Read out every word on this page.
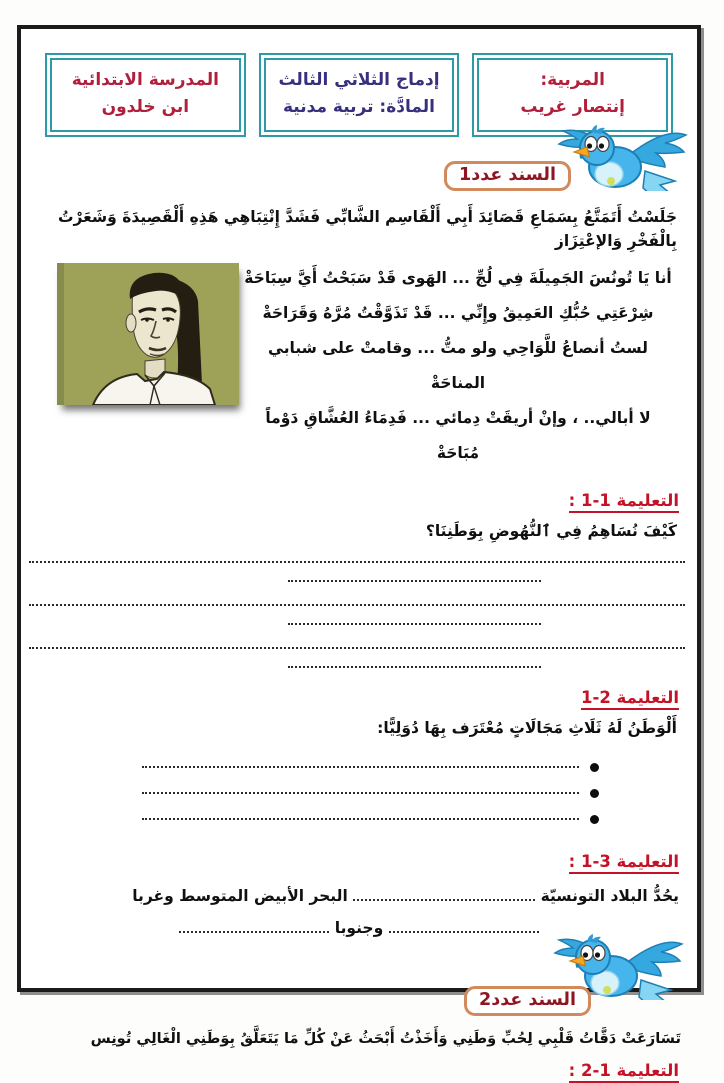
المربية:
إنتصار غريب
إدماج الثلاثي الثالث
المادَّة: تربية مدنية
المدرسة الابتدائية
ابن خلدون
السند عدد1

جَلَسْتُ أَتَمَتَّعُ بِسَمَاعِ قَصَائِدَ أَبِي أَلْقَاسِم الشَّابِّي فَشَدَّ إِنْتِبَاهِي هَذِهِ أَلْقَصِيدَةَ وَشَعَرْتُ بِالْفَخْرِ وَالإعْتِزَاز

أنا يَا تُونُسَ الجَمِيلَةَ فِي لُجِّ ... الهَوى قَدْ سَبَحْتُ أَيَّ سِبَاحَةْ
شِرْعَتِي حُبُّكِ العَمِيقُ وإِنِّي ... قَدْ تَذَوَّقْتُ مُرَّهُ وَقَرَاحَةْ
لستُ أنصاعُ للَّوَاحِي ولو متُّ ... وقامتْ على شبابي المناحَةْ
لا أبالي.. ، وإنْ أريقَتْ دِمائي ... فَدِمَاءُ العُشَّاقِ دَوْماً مُبَاحَةْ
التعليمة 1-1 :

كَيْفَ نُسَاهِمُ فِي ٱلنُّهُوضِ بِوَطَنِنَا؟

التعليمة 2-1

أَلْوَطَنُ لَهُ ثَلَاثِ مَجَالَاتٍ مُعْتَرَف بِهَا دُوَلِيًّا:

التعليمة 3-1 :

يحُدُّ البلاد التونسيّة  البحر الأبيض المتوسط وغربا

وجنوبا

السند عدد2

تَسَارَعَتْ دَقَّاتُ قَلْبِي لِحُبِّ وَطَنِي وَأَخَذْتُ أَبْحَثُ عَنْ كُلِّ مَا يَتَعَلَّقُ بِوَطَنِي الْغَالِي تُونِس

التعليمة 1-2 :
